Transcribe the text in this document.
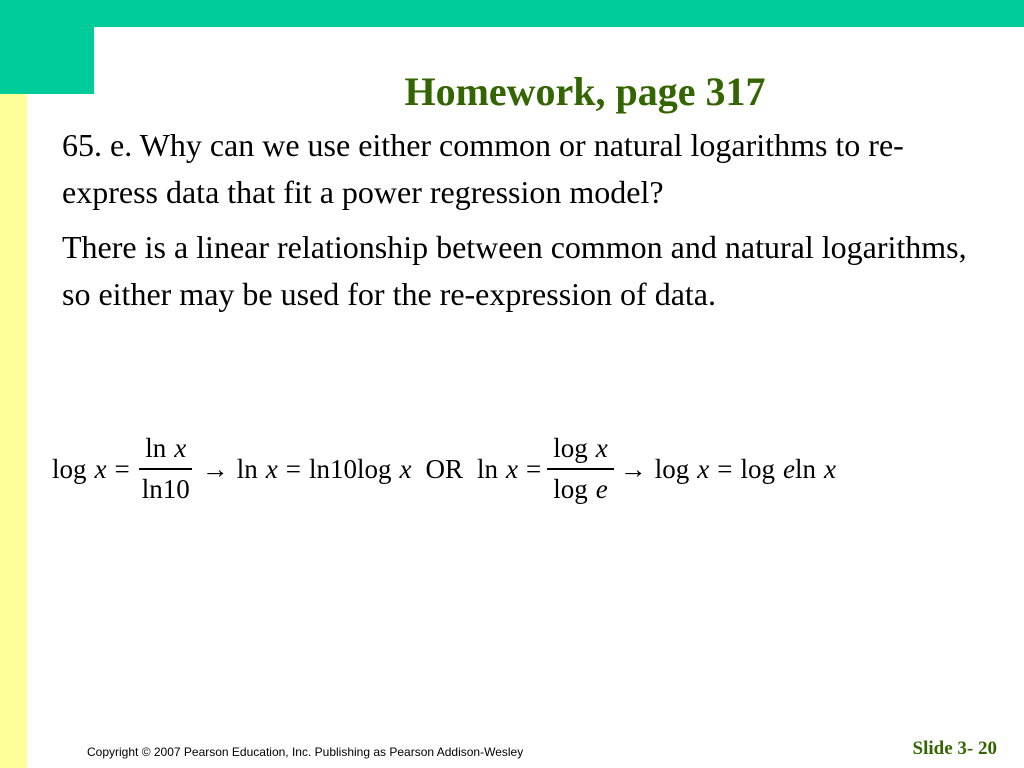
Homework, page 317

65. e. Why can we use either common or natural logarithms to re-express data that fit a power regression model?

There is a linear relationship between common and natural logarithms, so either may be used for the re-expression of data.

$\log x = \frac{\text{ln x}}{\ln 10} \to \ln x = \ln 10$ log x OR $\ln x = \frac{\text{log x}}{\text{log e}} \to \log x = \log e$ ln x
Copyright © 2007 Pearson Education, Inc. Publishing as Pearson Addison-Wesley	Slide 3- 20
